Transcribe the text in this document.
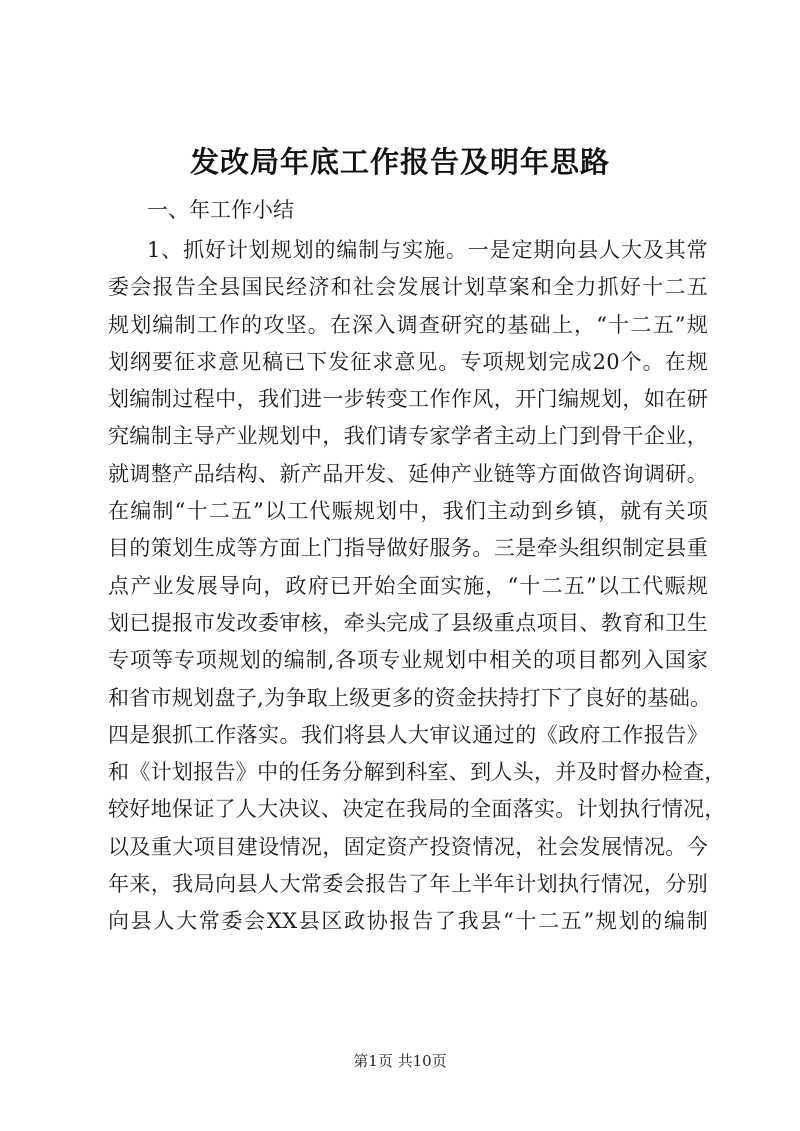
发改局年底工作报告及明年思路
一、年工作小结
1、抓好计划规划的编制与实施。一是定期向县人大及其常
委会报告全县国民经济和社会发展计划草案和全力抓好十二五
规划编制工作的攻坚。在深入调查研究的基础上，“十二五”规
划纲要征求意见稿已下发征求意见。专项规划完成20个。在规
划编制过程中，我们进一步转变工作作风，开门编规划，如在研
究编制主导产业规划中，我们请专家学者主动上门到骨干企业，
就调整产品结构、新产品开发、延伸产业链等方面做咨询调研。
在编制“十二五”以工代赈规划中，我们主动到乡镇，就有关项
目的策划生成等方面上门指导做好服务。三是牵头组织制定县重
点产业发展导向，政府已开始全面实施，“十二五”以工代赈规
划已提报市发改委审核，牵头完成了县级重点项目、教育和卫生
专项等专项规划的编制,各项专业规划中相关的项目都列入国家
和省市规划盘子,为争取上级更多的资金扶持打下了良好的基础。
四是狠抓工作落实。我们将县人大审议通过的《政府工作报告》
和《计划报告》中的任务分解到科室、到人头，并及时督办检查，
较好地保证了人大决议、决定在我局的全面落实。计划执行情况，
以及重大项目建设情况，固定资产投资情况，社会发展情况。今
年来，我局向县人大常委会报告了年上半年计划执行情况，分别
向县人大常委会XX县区政协报告了我县“十二五”规划的编制
第1页 共10页
